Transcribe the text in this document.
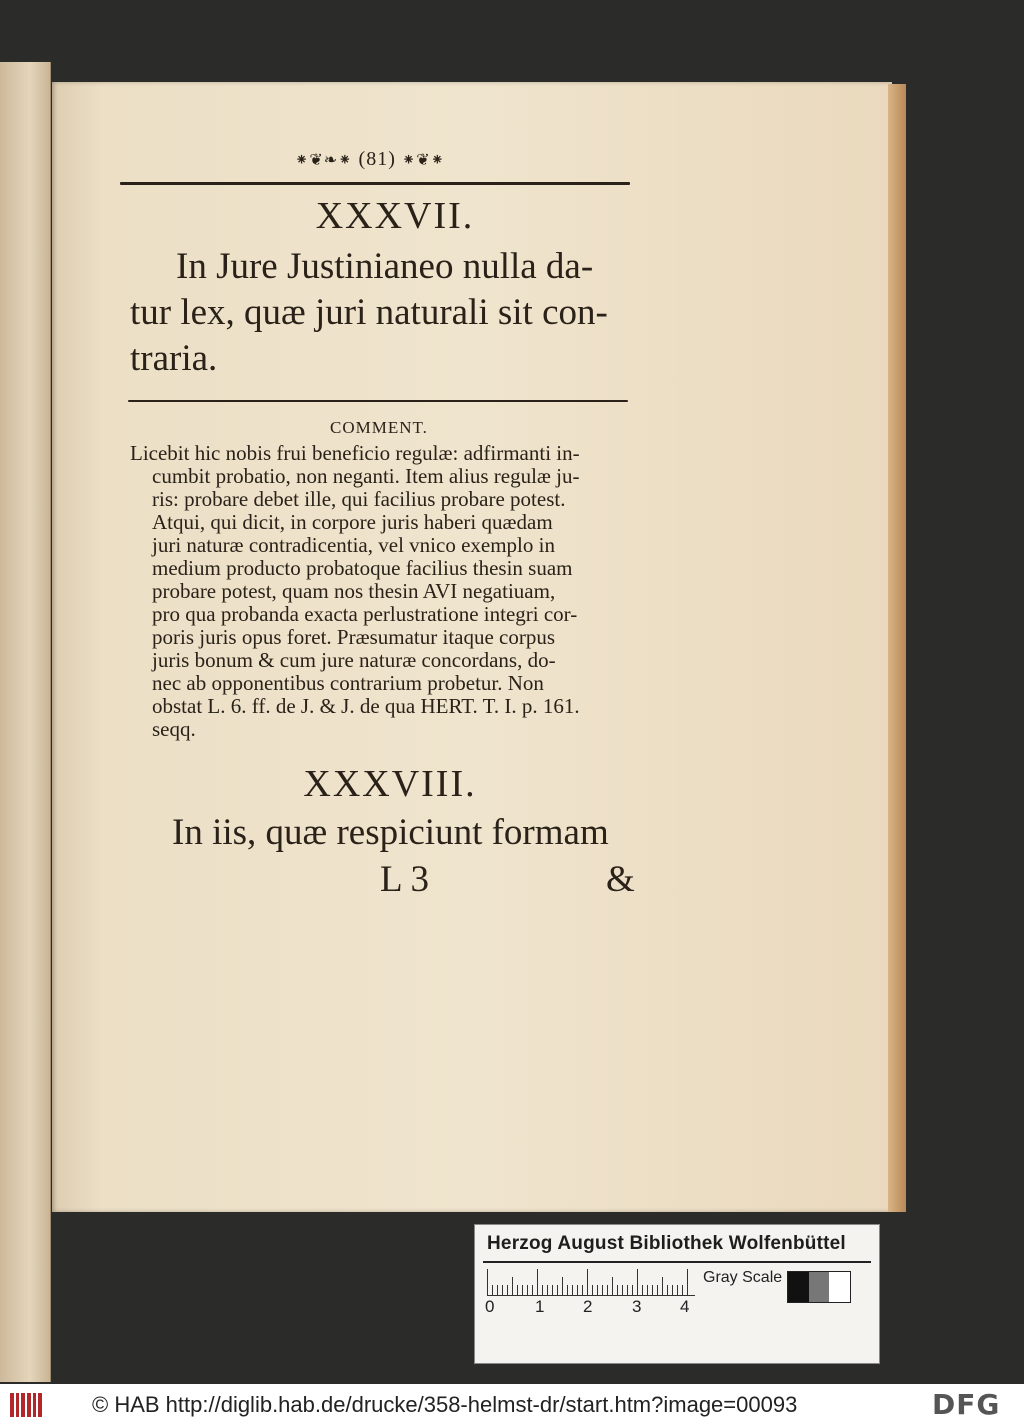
⁕❦❧⁕ (81) ⁕❦⁕
XXXVII.
In Jure Justinianeo nulla da-
tur lex, quæ juri naturali sit con-
traria.
COMMENT.
Licebit hic nobis frui beneficio regulæ: adfirmanti in-
cumbit probatio, non neganti. Item alius regulæ ju-
ris: probare debet ille, qui facilius probare potest.
Atqui, qui dicit, in corpore juris haberi quædam
juri naturæ contradicentia, vel vnico exemplo in
medium producto probatoque facilius thesin suam
probare potest, quam nos thesin AVI negatiuam,
pro qua probanda exacta perlustratione integri cor-
poris juris opus foret. Præsumatur itaque corpus
juris bonum & cum jure naturæ concordans, do-
nec ab opponentibus contrarium probetur. Non
obstat L. 6. ff. de J. & J. de qua HERT. T. I. p. 161.
seqq.
XXXVIII.
In iis, quæ respiciunt formam
L 3	&
Herzog August Bibliothek Wolfenbüttel
0 1 2 3 4
Gray Scale
© HAB http://diglib.hab.de/drucke/358-helmst-dr/start.htm?image=00093	DFG
